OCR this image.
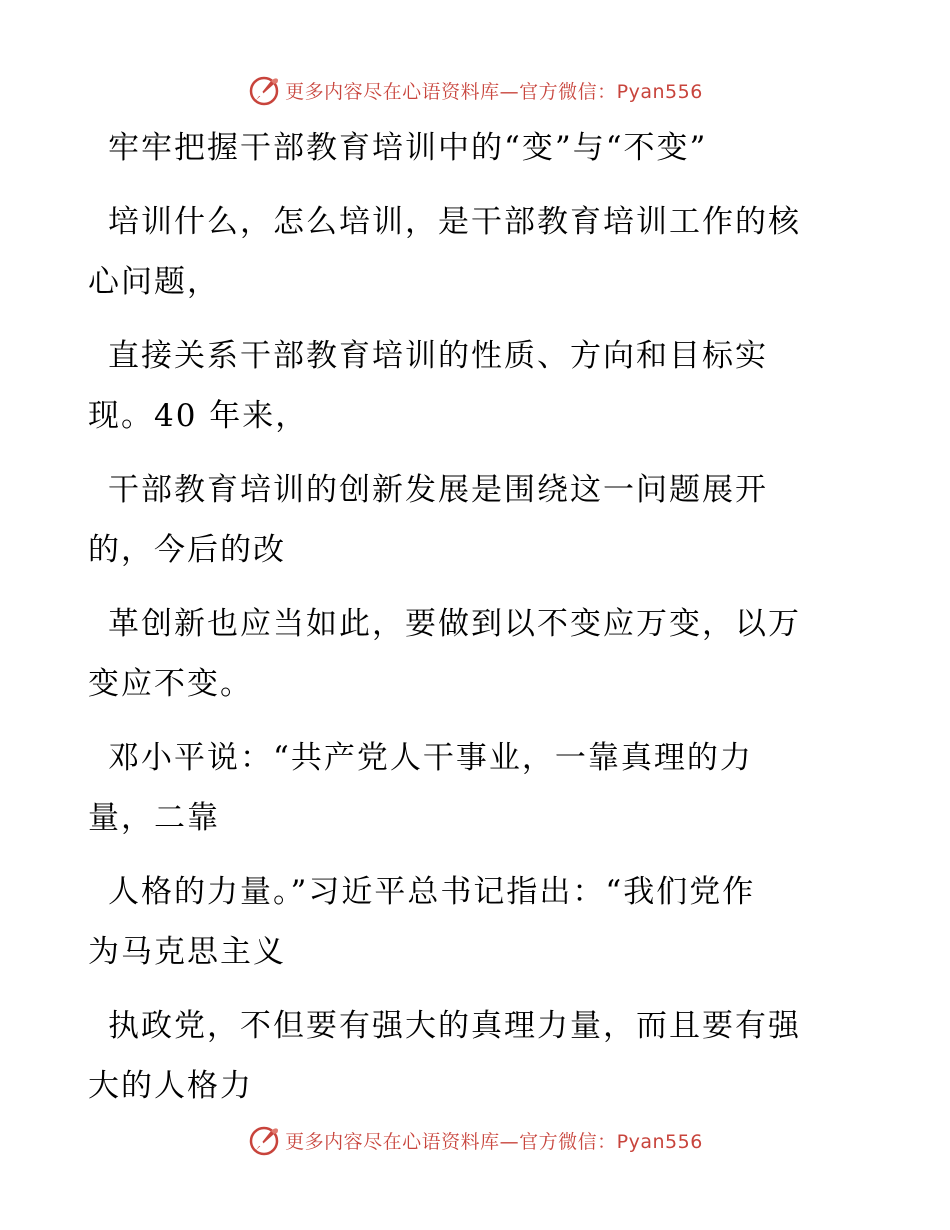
更多内容尽在心语资料库—官方微信：Pyan556

牢牢把握干部教育培训中的“变”与“不变”

培训什么，怎么培训，是干部教育培训工作的核
心问题，

直接关系干部教育培训的性质、方向和目标实
现。40 年来，

干部教育培训的创新发展是围绕这一问题展开
的，今后的改

革创新也应当如此，要做到以不变应万变，以万
变应不变。

邓小平说：“共产党人干事业，一靠真理的力
量，二靠

人格的力量。”习近平总书记指出：“我们党作
为马克思主义

执政党，不但要有强大的真理力量，而且要有强
大的人格力

更多内容尽在心语资料库—官方微信：Pyan556
